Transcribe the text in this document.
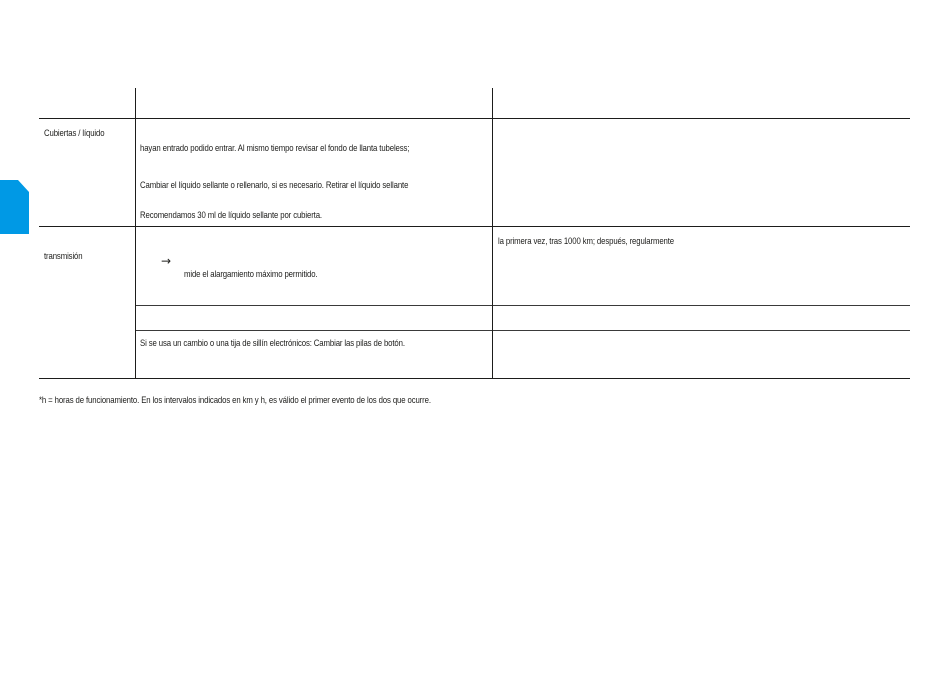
Cubiertas / líquido
hayan entrado podido entrar. Al mismo tiempo revisar el fondo de llanta tubeless;
Cambiar el líquido sellante o rellenarlo, si es necesario. Retirar el líquido sellante
Recomendamos 30 ml de líquido sellante por cubierta.
transmisión	→
mide el alargamiento máximo permitido.
la primera vez, tras 1000 km; después, regularmente
Si se usa un cambio o una tija de sillín electrónicos: Cambiar las pilas de botón.
*h = horas de funcionamiento. En los intervalos indicados en km y h, es válido el primer evento de los dos que ocurre.
